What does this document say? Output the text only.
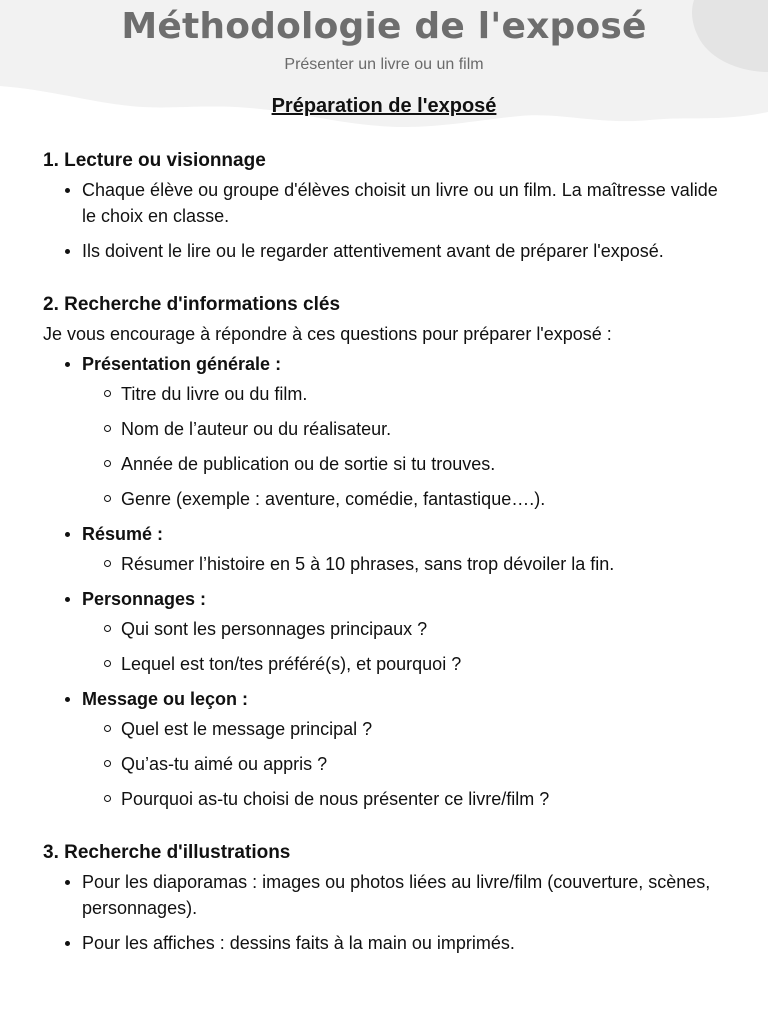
Méthodologie de l'exposé

Présenter un livre ou un film

Préparation de l'exposé
1. Lecture ou visionnage
Chaque élève ou groupe d'élèves choisit un livre ou un film. La maîtresse valide le choix en classe.
Ils doivent le lire ou le regarder attentivement avant de préparer l'exposé.
2. Recherche d'informations clés

Je vous encourage à répondre à ces questions pour préparer l'exposé :

Présentation générale :
Titre du livre ou du film.
Nom de l’auteur ou du réalisateur.
Année de publication ou de sortie si tu trouves.
Genre (exemple : aventure, comédie, fantastique….).
Résumé :
Résumer l’histoire en 5 à 10 phrases, sans trop dévoiler la fin.
Personnages :
Qui sont les personnages principaux ?
Lequel est ton/tes préféré(s), et pourquoi ?
Message ou leçon :
Quel est le message principal ?
Qu’as-tu aimé ou appris ?
Pourquoi as-tu choisi de nous présenter ce livre/film ?
3. Recherche d'illustrations
Pour les diaporamas : images ou photos liées au livre/film (couverture, scènes, personnages).
Pour les affiches : dessins faits à la main ou imprimés.
